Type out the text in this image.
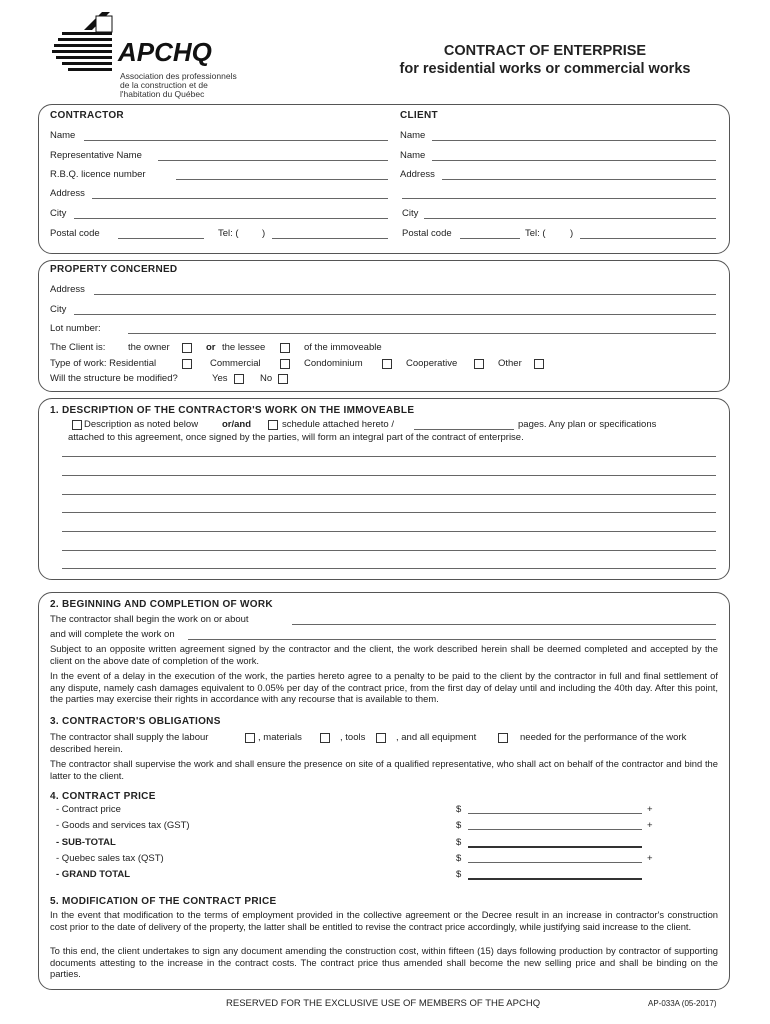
APCHQ
Association des professionnels
de la construction et de
l'habitation du Québec
CONTRACT OF ENTERPRISE
for residential works or commercial works
CONTRACTOR	CLIENT
Name	Name
Representative Name	Name
R.B.Q. licence number	Address
Address
City	City
Postal code	Tel: ( )	Postal code	Tel: (	)
PROPERTY CONCERNED
Address
City
Lot number:
The Client is: the owner	or the lessee	of the immoveable
Type of work: Residential	Commercial	Condominium	Cooperative	Other
Will the structure be modified?	Yes	No
1. DESCRIPTION OF THE CONTRACTOR'S WORK ON THE IMMOVEABLE
Description as noted below	or/and	schedule attached hereto /	pages. Any plan or specifications
attached to this agreement, once signed by the parties, will form an integral part of the contract of enterprise.
2. BEGINNING AND COMPLETION OF WORK
The contractor shall begin the work on or about
and will complete the work on
Subject to an opposite written agreement signed by the contractor and the client, the work described herein shall be deemed completed and accepted by the client on the above date of completion of the work.
In the event of a delay in the execution of the work, the parties hereto agree to a penalty to be paid to the client by the contractor in full and final settlement of any dispute, namely cash damages equivalent to 0.05% per day of the contract price, from the first day of delay until and including the 40th day. After this point, the parties may exercise their rights in accordance with any recourse that is available to them.
3. CONTRACTOR'S OBLIGATIONS
The contractor shall supply the labour	, materials	, tools	, and all equipment	needed for the performance of the work
described herein.
The contractor shall supervise the work and shall ensure the presence on site of a qualified representative, who shall act on behalf of the contractor and bind the latter to the client.
4. CONTRACT PRICE
- Contract price	$	+
- Goods and services tax (GST)	$	+
- SUB-TOTAL	$
- Quebec sales tax (QST)	$	+
- GRAND TOTAL	$
5. MODIFICATION OF THE CONTRACT PRICE
In the event that modification to the terms of employment provided in the collective agreement or the Decree result in an increase in contractor's construction cost prior to the date of delivery of the property, the latter shall be entitled to revise the contract price accordingly, while justifying said increase to the client.
To this end, the client undertakes to sign any document amending the construction cost, within fifteen (15) days following production by contractor of supporting documents attesting to the increase in the contract costs. The contract price thus amended shall become the new selling price and shall be binding on the parties.
RESERVED FOR THE EXCLUSIVE USE OF MEMBERS OF THE APCHQ	AP-033A (05-2017)
